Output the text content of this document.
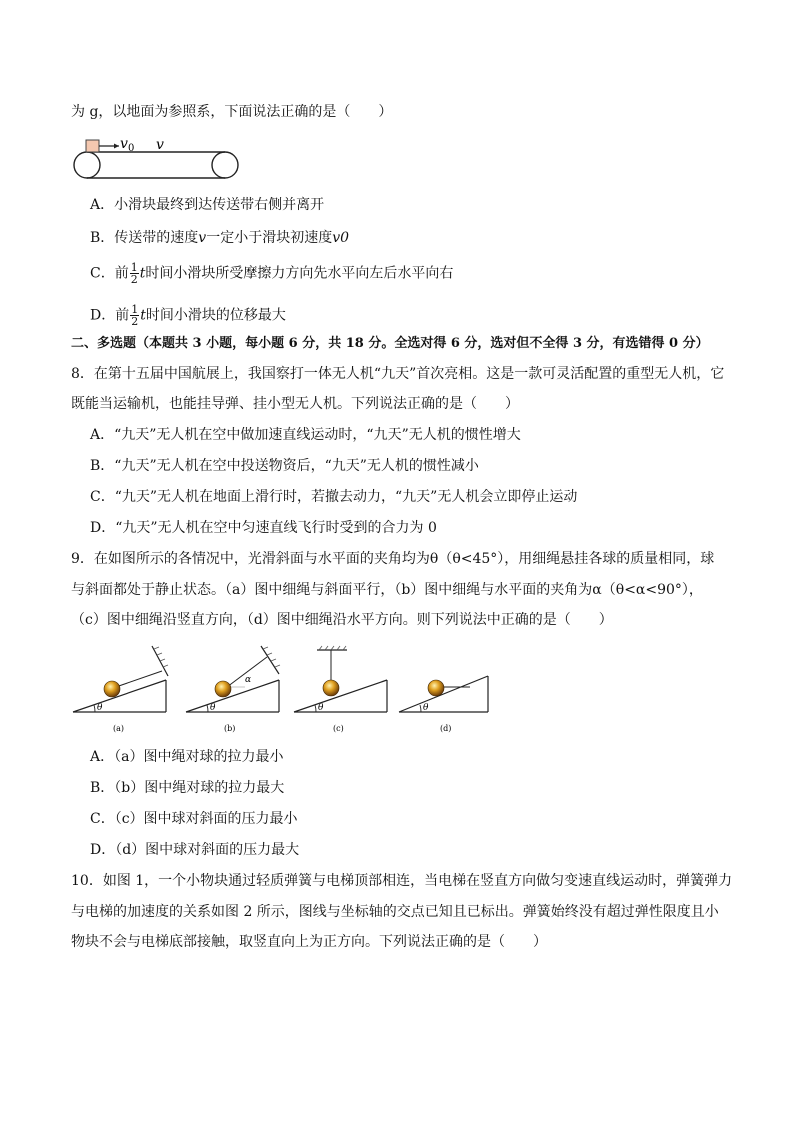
为 g，以地面为参照系，下面说法正确的是（　　）
v 0 v
A．小滑块最终到达传送带右侧并离开
B．传送带的速度v一定小于滑块初速度v0
C．前 $\frac{1}{2}$ t时间小滑块所受摩擦力方向先水平向左后水平向右
D．前 $\frac{1}{2}$ t时间小滑块的位移最大
二、多选题（本题共 3 小题，每小题 6 分，共 18 分。全选对得 6 分，选对但不全得 3 分，有选错得 0 分）
8．在第十五届中国航展上，我国察打一体无人机“九天”首次亮相。这是一款可灵活配置的重型无人机，它
既能当运输机，也能挂导弹、挂小型无人机。下列说法正确的是（　　）
A．“九天”无人机在空中做加速直线运动时，“九天”无人机的惯性增大
B．“九天”无人机在空中投送物资后，“九天”无人机的惯性减小
C．“九天”无人机在地面上滑行时，若撤去动力，“九天”无人机会立即停止运动
D．“九天”无人机在空中匀速直线飞行时受到的合力为 0
9．在如图所示的各情况中，光滑斜面与水平面的夹角均为θ（θ<45°），用细绳悬挂各球的质量相同，球
与斜面都处于静止状态。（a）图中细绳与斜面平行，（b）图中细绳与水平面的夹角为α（θ<α<90°），
（c）图中细绳沿竖直方向，（d）图中细绳沿水平方向。则下列说法中正确的是（　　）
θ
(a)
α
θ
(b)
θ
(c)
θ
(d)
A．（a）图中绳对球的拉力最小
B．（b）图中绳对球的拉力最大
C．（c）图中球对斜面的压力最小
D．（d）图中球对斜面的压力最大
10．如图 1，一个小物块通过轻质弹簧与电梯顶部相连，当电梯在竖直方向做匀变速直线运动时，弹簧弹力
与电梯的加速度的关系如图 2 所示，图线与坐标轴的交点已知且已标出。弹簧始终没有超过弹性限度且小
物块不会与电梯底部接触，取竖直向上为正方向。下列说法正确的是（　　）
